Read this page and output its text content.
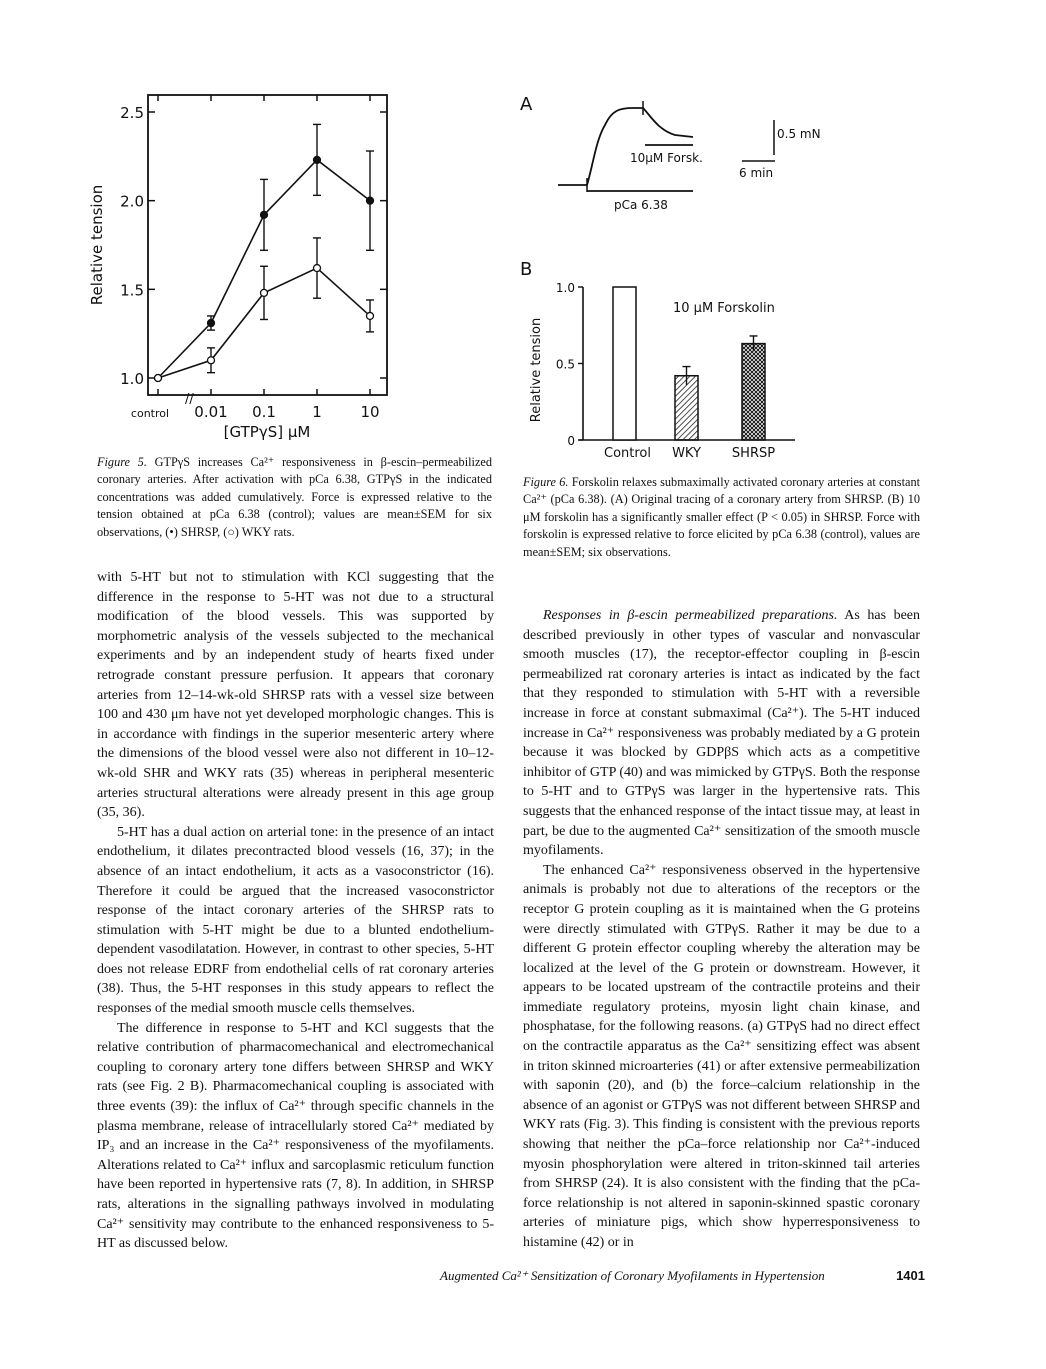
1.0
1.5
2.0
2.5
control 0.01 0.1 1	10
[GTPγS] μM
Relative tension
//
A
10μM Forsk.
pCa 6.38
0.5 mN
6 min
B
0
0.5
1.0
Relative tension
10 μM Forskolin
Control WKY SHRSP
Figure 5. GTPγS increases Ca²⁺ responsiveness in β-escin–permeabilized coronary arteries. After activation with pCa 6.38, GTPγS in the indicated concentrations was added cumulatively. Force is expressed relative to the tension obtained at pCa 6.38 (control); values are mean±SEM for six observations, (•) SHRSP, (○) WKY rats.
Figure 6. Forskolin relaxes submaximally activated coronary arteries at constant Ca²⁺ (pCa 6.38). (A) Original tracing of a coronary artery from SHRSP. (B) 10 μM forskolin has a significantly smaller effect (P < 0.05) in SHRSP. Force with forskolin is expressed relative to force elicited by pCa 6.38 (control), values are mean±SEM; six observations.

with 5-HT but not to stimulation with KCl suggesting that the difference in the response to 5-HT was not due to a structural modification of the blood vessels. This was supported by morphometric analysis of the vessels subjected to the mechanical experiments and by an independent study of hearts fixed under retrograde constant pressure perfusion. It appears that coronary arteries from 12–14-wk-old SHRSP rats with a vessel size between 100 and 430 μm have not yet developed morphologic changes. This is in accordance with findings in the superior mesenteric artery where the dimensions of the blood vessel were also not different in 10–12-wk-old SHR and WKY rats (35) whereas in peripheral mesenteric arteries structural alterations were already present in this age group (35, 36).

5-HT has a dual action on arterial tone: in the presence of an intact endothelium, it dilates precontracted blood vessels (16, 37); in the absence of an intact endothelium, it acts as a vasoconstrictor (16). Therefore it could be argued that the increased vasoconstrictor response of the intact coronary arteries of the SHRSP rats to stimulation with 5-HT might be due to a blunted endothelium-dependent vasodilatation. However, in contrast to other species, 5-HT does not release EDRF from endothelial cells of rat coronary arteries (38). Thus, the 5-HT responses in this study appears to reflect the responses of the medial smooth muscle cells themselves.

The difference in response to 5-HT and KCl suggests that the relative contribution of pharmacomechanical and electromechanical coupling to coronary artery tone differs between SHRSP and WKY rats (see Fig. 2 B). Pharmacomechanical coupling is associated with three events (39): the influx of Ca²⁺ through specific channels in the plasma membrane, release of intracellularly stored Ca²⁺ mediated by IP₃ and an increase in the Ca²⁺ responsiveness of the myofilaments. Alterations related to Ca²⁺ influx and sarcoplasmic reticulum function have been reported in hypertensive rats (7, 8). In addition, in SHRSP rats, alterations in the signalling pathways involved in modulating Ca²⁺ sensitivity may contribute to the enhanced responsiveness to 5-HT as discussed below.

Responses in β-escin permeabilized preparations. As has been described previously in other types of vascular and nonvascular smooth muscles (17), the receptor-effector coupling in β-escin permeabilized rat coronary arteries is intact as indicated by the fact that they responded to stimulation with 5-HT with a reversible increase in force at constant submaximal (Ca²⁺). The 5-HT induced increase in Ca²⁺ responsiveness was probably mediated by a G protein because it was blocked by GDPβS which acts as a competitive inhibitor of GTP (40) and was mimicked by GTPγS. Both the response to 5-HT and to GTPγS was larger in the hypertensive rats. This suggests that the enhanced response of the intact tissue may, at least in part, be due to the augmented Ca²⁺ sensitization of the smooth muscle myofilaments.

The enhanced Ca²⁺ responsiveness observed in the hypertensive animals is probably not due to alterations of the receptors or the receptor G protein coupling as it is maintained when the G proteins were directly stimulated with GTPγS. Rather it may be due to a different G protein effector coupling whereby the alteration may be localized at the level of the G protein or downstream. However, it appears to be located upstream of the contractile proteins and their immediate regulatory proteins, myosin light chain kinase, and phosphatase, for the following reasons. (a) GTPγS had no direct effect on the contractile apparatus as the Ca²⁺ sensitizing effect was absent in triton skinned microarteries (41) or after extensive permeabilization with saponin (20), and (b) the force–calcium relationship in the absence of an agonist or GTPγS was not different between SHRSP and WKY rats (Fig. 3). This finding is consistent with the previous reports showing that neither the pCa–force relationship nor Ca²⁺-induced myosin phosphorylation were altered in triton-skinned tail arteries from SHRSP (24). It is also consistent with the finding that the pCa-force relationship is not altered in saponin-skinned spastic coronary arteries of miniature pigs, which show hyperresponsiveness to histamine (42) or in

Augmented Ca²⁺ Sensitization of Coronary Myofilaments in Hypertension	1401
